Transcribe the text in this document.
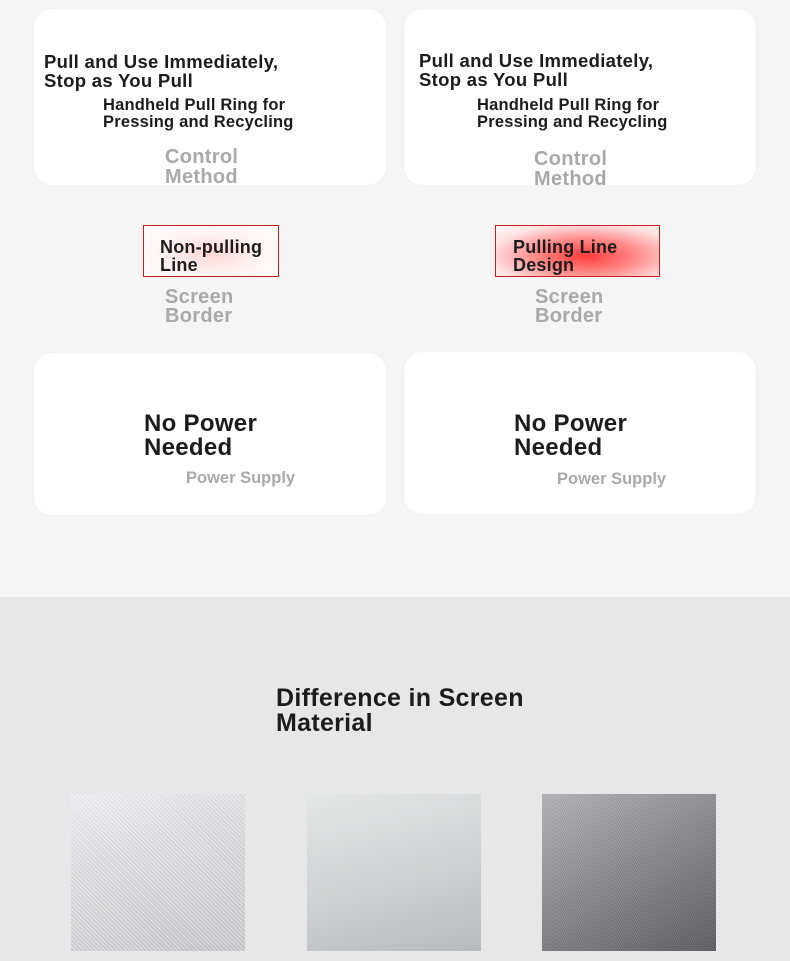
Pull and Use Immediately,
Stop as You Pull

Handheld Pull Ring for
Pressing and Recycling

Control
Method

Pull and Use Immediately,
Stop as You Pull

Handheld Pull Ring for
Pressing and Recycling

Control
Method

Non-pulling
Line

Screen
Border

Pulling Line
Design

Screen
Border

No Power
Needed

Power Supply

No Power
Needed

Power Supply

Difference in Screen
Material
